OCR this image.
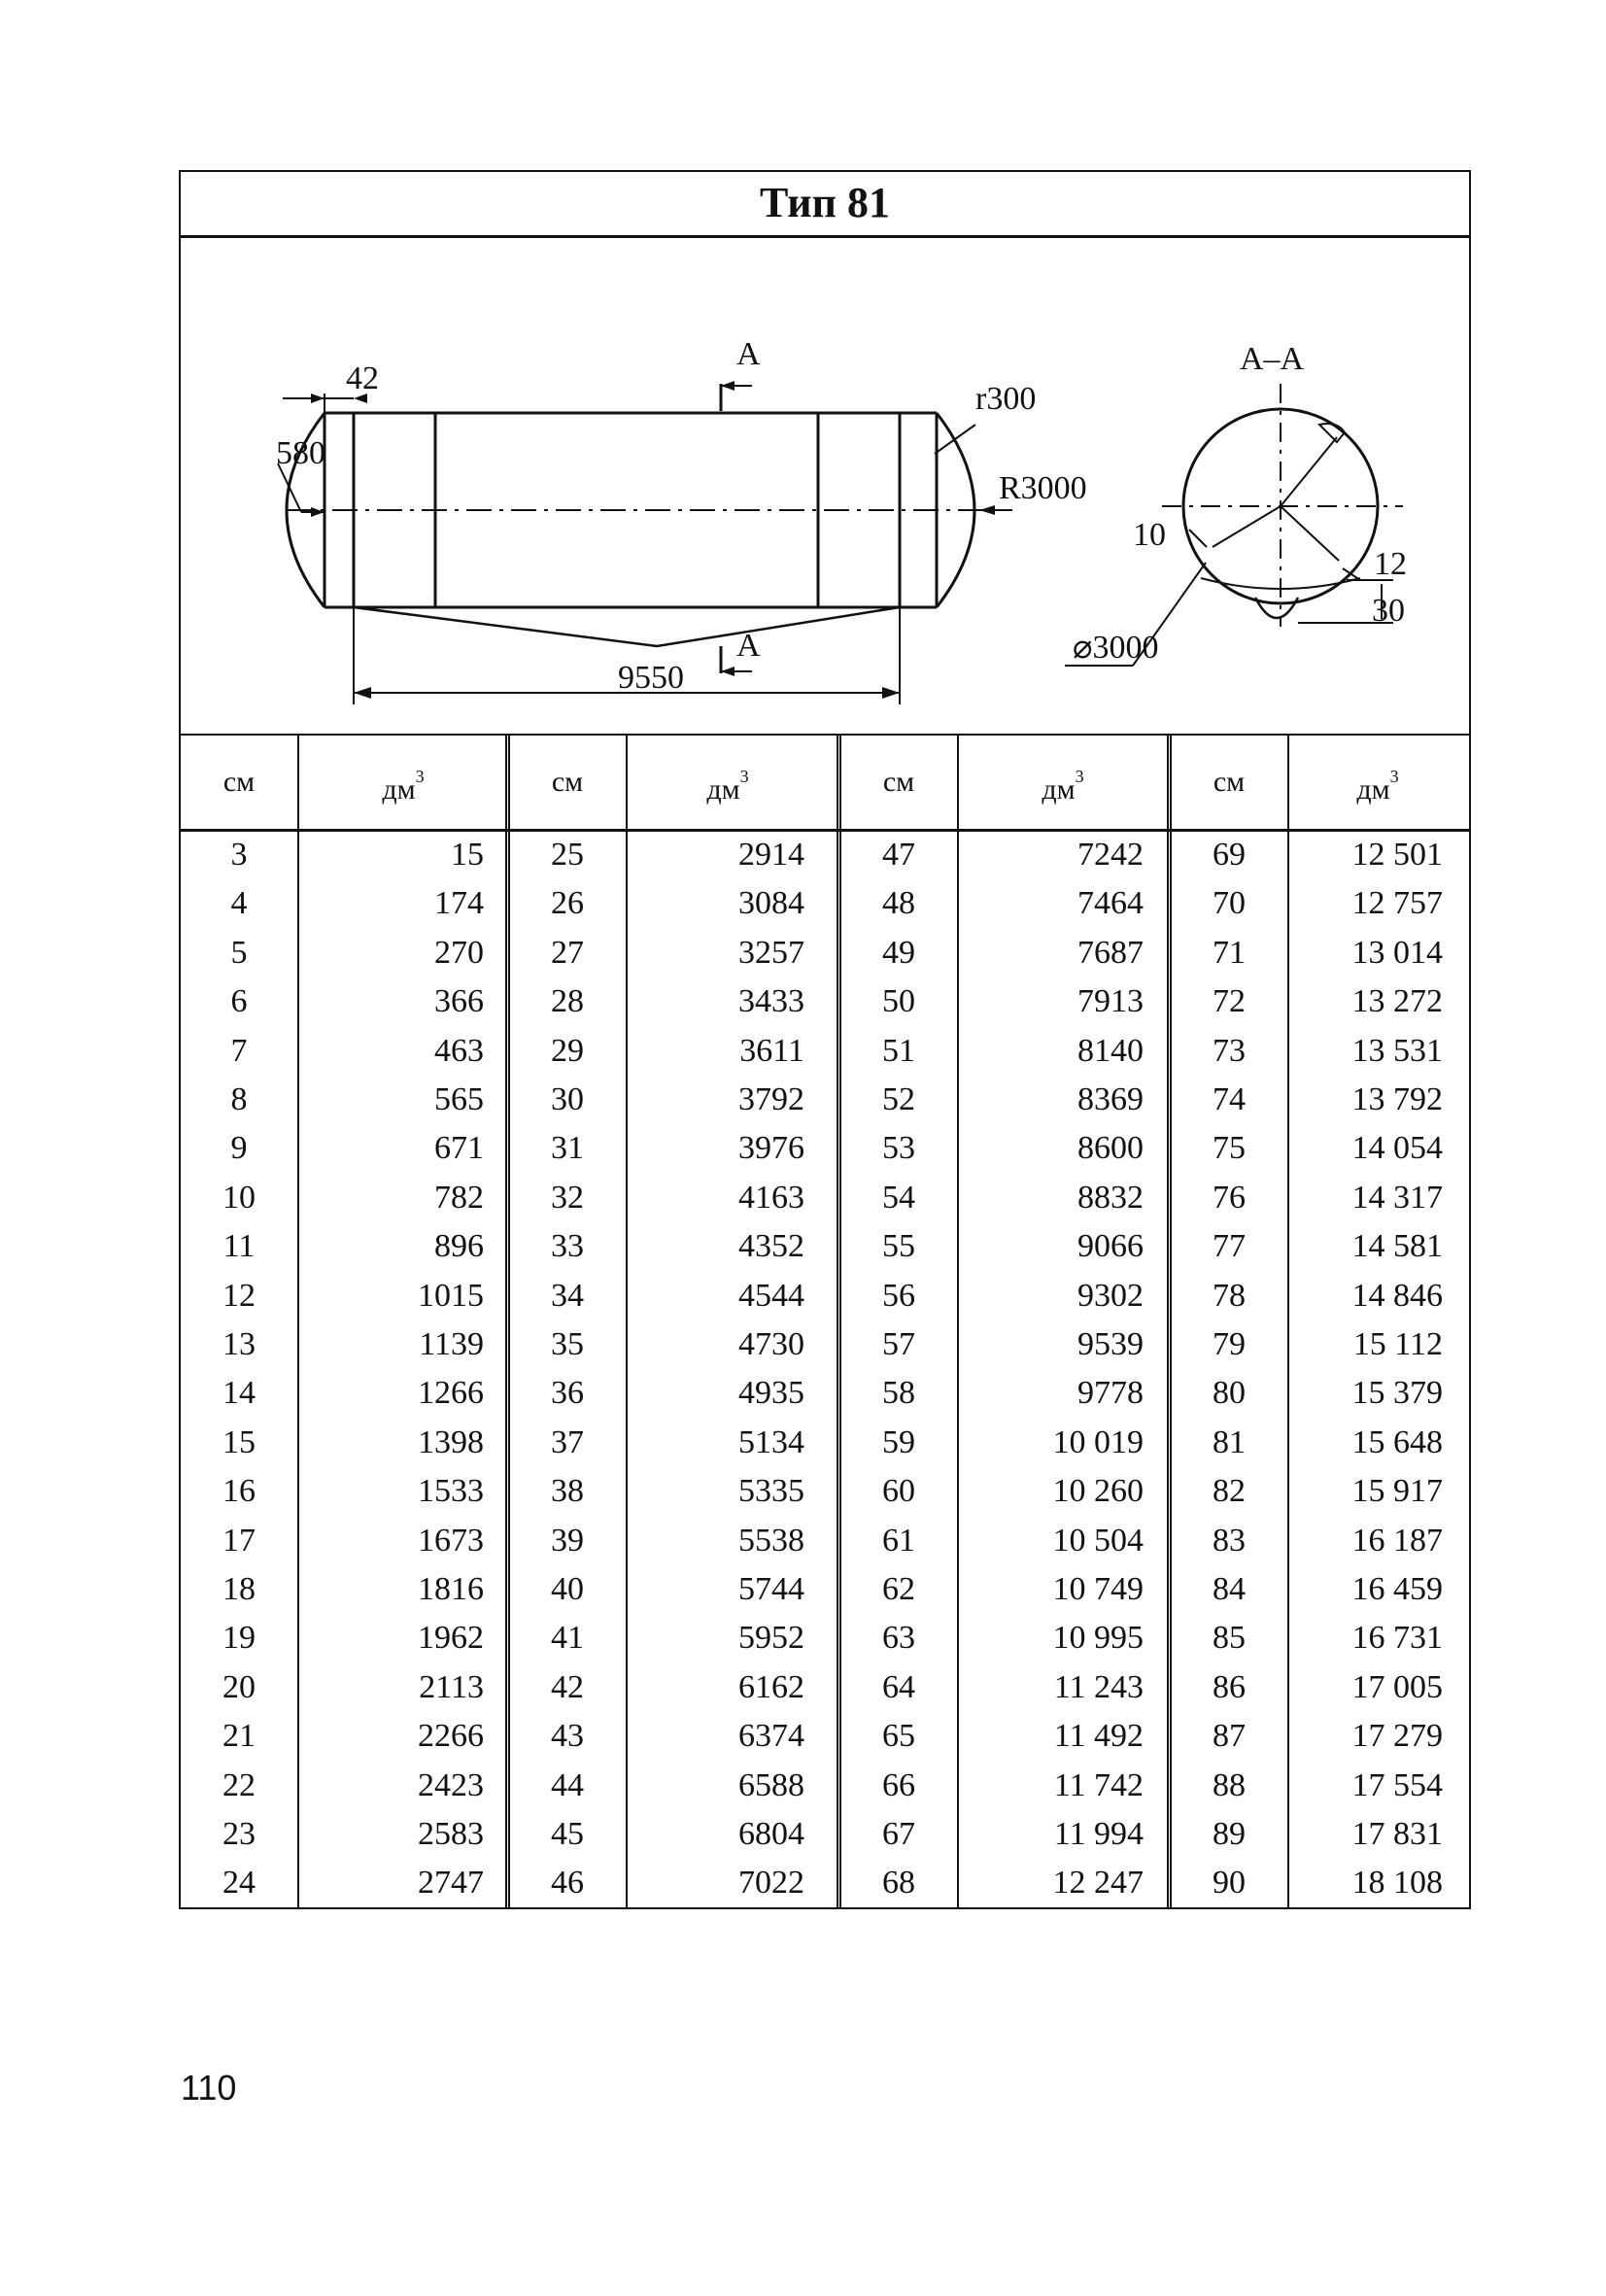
Тип 81
42
A
r300
580
R3000
9550
A
A–A
10
12
30
⌀3000
см	$дм^3$
3	15
4	174
5	270
6	366
7	463
8	565
9	671
10	782
11	896
12	1015
13	1139
14	1266
15	1398
16	1533
17	1673
18	1816
19	1962
20	2113
21	2266
22	2423
23	2583
24	2747
см	$дм^3$
25	2914
26	3084
27	3257
28	3433
29	3611
30	3792
31	3976
32	4163
33	4352
34	4544
35	4730
36	4935
37	5134
38	5335
39	5538
40	5744
41	5952
42	6162
43	6374
44	6588
45	6804
46	7022
см	$дм^3$
47	7242
48	7464
49	7687
50	7913
51	8140
52	8369
53	8600
54	8832
55	9066
56	9302
57	9539
58	9778
59	10 019
60	10 260
61	10 504
62	10 749
63	10 995
64	11 243
65	11 492
66	11 742
67	11 994
68	12 247
см	$дм^3$
69	12 501
70	12 757
71	13 014
72	13 272
73	13 531
74	13 792
75	14 054
76	14 317
77	14 581
78	14 846
79	15 112
80	15 379
81	15 648
82	15 917
83	16 187
84	16 459
85	16 731
86	17 005
87	17 279
88	17 554
89	17 831
90	18 108
110
